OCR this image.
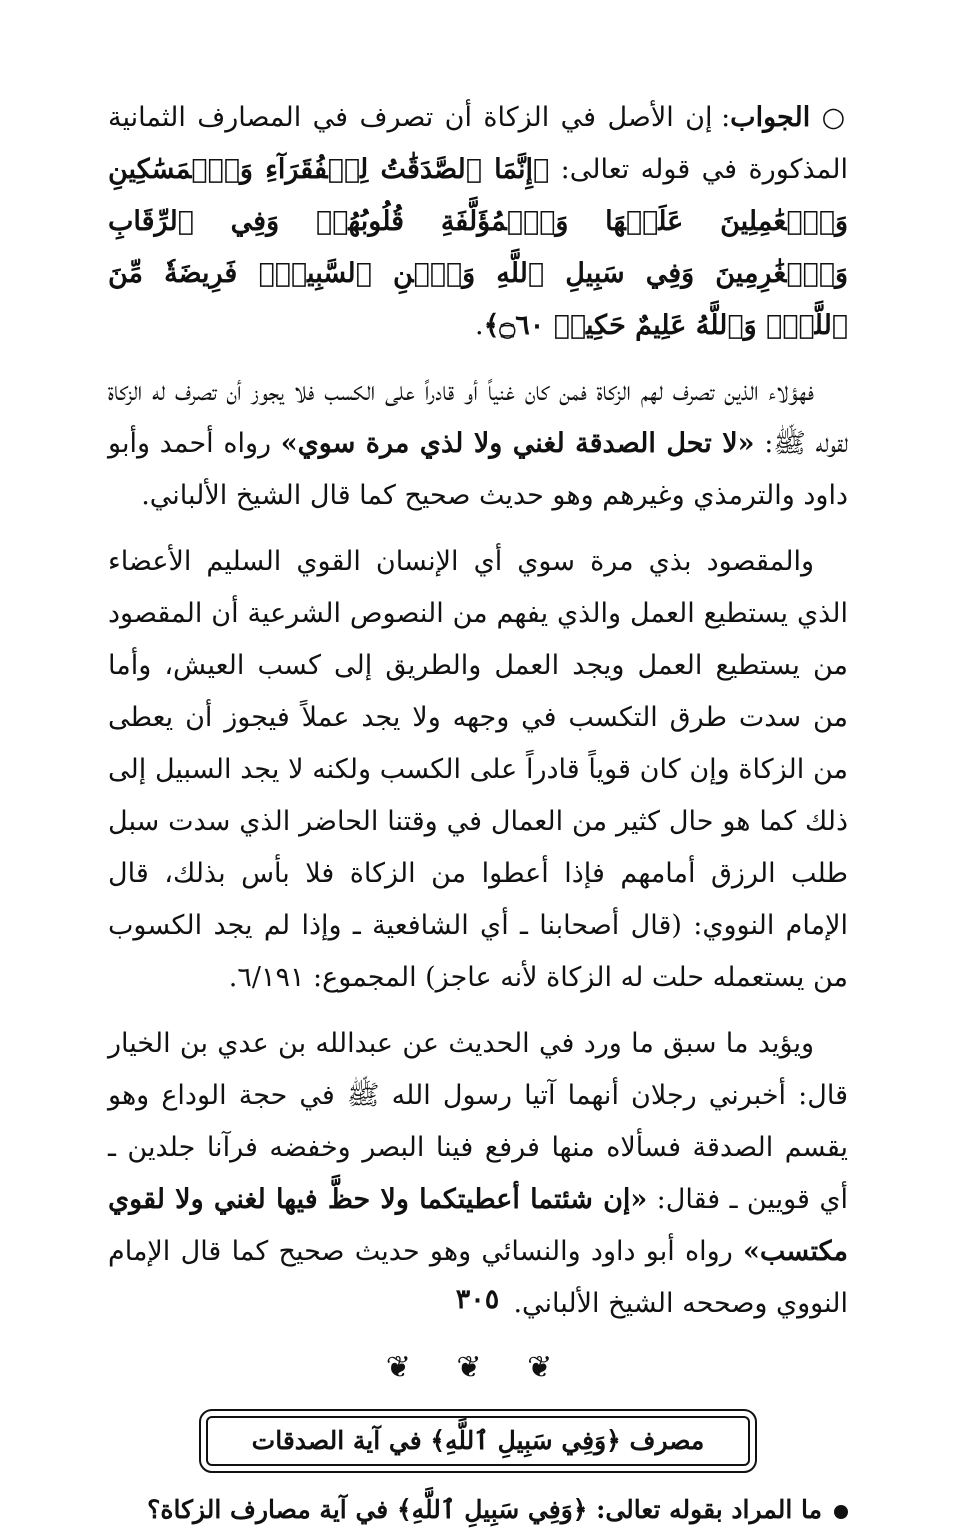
○ الجواب: إن الأصل في الزكاة أن تصرف في المصارف الثمانية المذكورة في قوله تعالى: ﴿إِنَّمَا ٱلصَّدَقَٰتُ لِلۡفُقَرَآءِ وَٱلۡمَسَٰكِينِ وَٱلۡعَٰمِلِينَ عَلَيۡهَا وَٱلۡمُؤَلَّفَةِ قُلُوبُهُمۡ وَفِي ٱلرِّقَابِ وَٱلۡغَٰرِمِينَ وَفِي سَبِيلِ ٱللَّهِ وَٱبۡنِ ٱلسَّبِيلِۖ فَرِيضَةٗ مِّنَ ٱللَّهِۗ وَٱللَّهُ عَلِيمٌ حَكِيمٞ ۝٦٠﴾.

فهؤلاء الذين تصرف لهم الزكاة فمن كان غنياً أو قادراً على الكسب فلا يجوز أن تصرف له الزكاة لقوله ﷺ: «لا تحل الصدقة لغني ولا لذي مرة سوي» رواه أحمد وأبو داود والترمذي وغيرهم وهو حديث صحيح كما قال الشيخ الألباني.

والمقصود بذي مرة سوي أي الإنسان القوي السليم الأعضاء الذي يستطيع العمل والذي يفهم من النصوص الشرعية أن المقصود من يستطيع العمل ويجد العمل والطريق إلى كسب العيش، وأما من سدت طرق التكسب في وجهه ولا يجد عملاً فيجوز أن يعطى من الزكاة وإن كان قوياً قادراً على الكسب ولكنه لا يجد السبيل إلى ذلك كما هو حال كثير من العمال في وقتنا الحاضر الذي سدت سبل طلب الرزق أمامهم فإذا أعطوا من الزكاة فلا بأس بذلك، قال الإمام النووي: (قال أصحابنا ـ أي الشافعية ـ وإذا لم يجد الكسوب من يستعمله حلت له الزكاة لأنه عاجز) المجموع: ٦/١٩١.

ويؤيد ما سبق ما ورد في الحديث عن عبدالله بن عدي بن الخيار قال: أخبرني رجلان أنهما آتيا رسول الله ﷺ في حجة الوداع وهو يقسم الصدقة فسألاه منها فرفع فينا البصر وخفضه فرآنا جلدين ـ أي قويين ـ فقال: «إن شئتما أعطيتكما ولا حظَّ فيها لغني ولا لقوي مكتسب» رواه أبو داود والنسائي وهو حديث صحيح كما قال الإمام النووي وصححه الشيخ الألباني.

❦ ❦ ❦
مصرف ﴿وَفِي سَبِيلِ ٱللَّهِ﴾ في آية الصدقات
ما المراد بقوله تعالى: ﴿وَفِي سَبِيلِ ٱللَّهِ﴾ في آية مصارف الزكاة؟
٣٠٥
